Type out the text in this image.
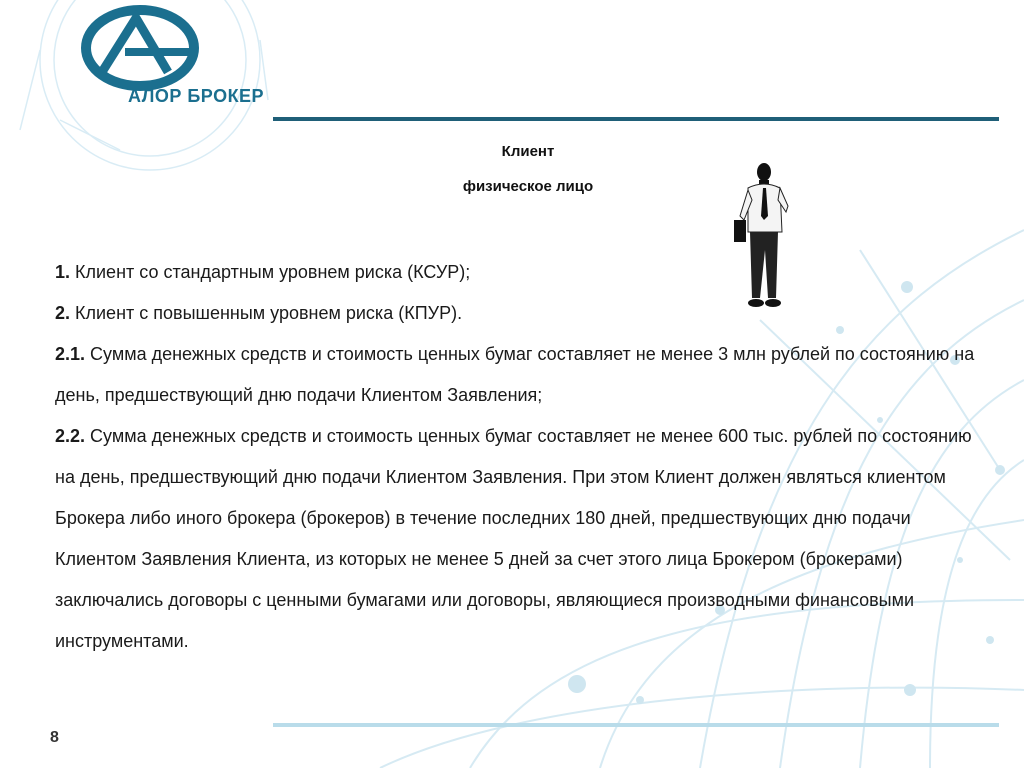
АЛОР БРОКЕР
Клиент
физическое лицо

1. Клиент со стандартным уровнем риска (КСУР);

2. Клиент с повышенным уровнем риска (КПУР).

2.1. Сумма денежных средств и стоимость ценных бумаг составляет не менее 3 млн рублей по состоянию на день, предшествующий дню подачи Клиентом Заявления;

2.2. Сумма денежных средств и стоимость ценных бумаг составляет не менее 600 тыс. рублей по состоянию на день, предшествующий дню подачи Клиентом Заявления. При этом Клиент должен являться клиентом Брокера либо иного брокера (брокеров) в течение последних 180 дней, предшествующих дню подачи Клиентом Заявления Клиента, из которых не менее 5 дней за счет этого лица Брокером (брокерами) заключались договоры с ценными бумагами или договоры, являющиеся производными финансовыми инструментами.

8
